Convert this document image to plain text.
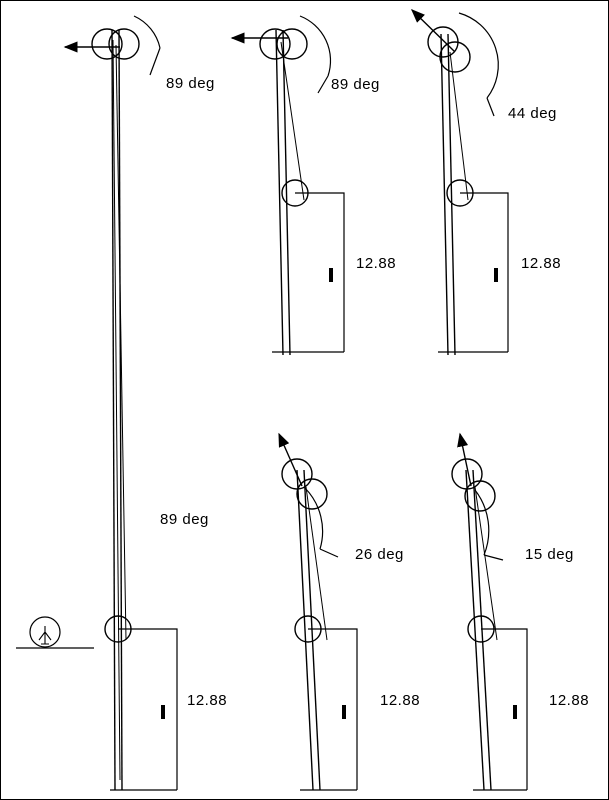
89 deg
89 deg
12.88
89 deg
12.88
44 deg
12.88
26 deg
12.88
15 deg
12.88
